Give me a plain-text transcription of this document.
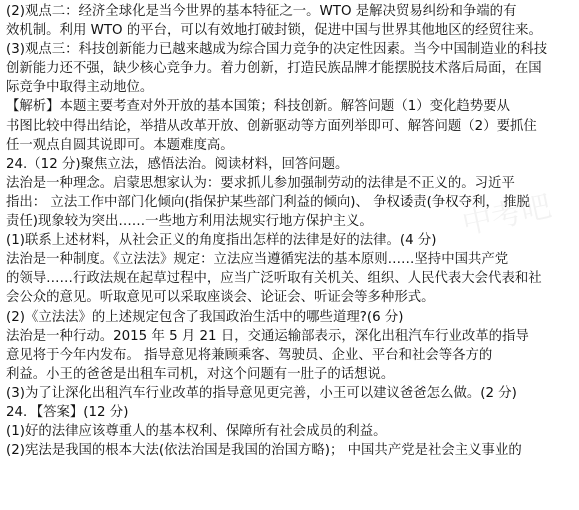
中考吧
(2)观点二：经济全球化是当今世界的基本特征之一。WTO 是解决贸易纠纷和争端的有
效机制。利用 WTO 的平台，可以有效地打破封锁，促进中国与世界其他地区的经贸往来。
(3)观点三：科技创新能力已越来越成为综合国力竞争的决定性因素。当今中国制造业的科技
创新能力还不强，缺少核心竞争力。着力创新，打造民族品牌才能摆脱技术落后局面，在国
际竞争中取得主动地位。
【解析】本题主要考查对外开放的基本国策；科技创新。解答问题（1）变化趋势要从
书图比较中得出结论，举措从改革开放、创新驱动等方面列举即可、解答问题（2）要抓住
任一观点自圆其说即可。本题难度高。
24.（12 分)聚焦立法，感悟法治。阅读材料，回答问题。
法治是一种理念。启蒙思想家认为：要求抓儿参加强制劳动的法律是不正义的。习近平
指出： 立法工作中部门化倾向(指保护某些部门利益的倾向)、 争权诿责(争权夺利， 推脱
责任)现象较为突出……一些地方利用法规实行地方保护主义。
(1)联系上述材料，从社会正义的角度指出怎样的法律是好的法律。(4 分)
法治是一种制度。《立法法》规定：立法应当遵循宪法的基本原则……坚持中国共产党
的领导……行政法规在起草过程中，应当广泛听取有关机关、组织、人民代表大会代表和社
会公众的意见。听取意见可以采取座谈会、论证会、听证会等多种形式。
(2)《立法法》的上述规定包含了我国政治生活中的哪些道理?(6 分)
法治是一种行动。2015 年 5 月 21 日，交通运输部表示，深化出租汽车行业改革的指导
意见将于今年内发布。 指导意见将兼顾乘客、驾驶员、企业、平台和社会等各方的
利益。小王的爸爸是出租车司机，对这个问题有一肚子的话想说。
(3)为了让深化出租汽车行业改革的指导意见更完善，小王可以建议爸爸怎么做。(2 分)
24．【答案】(12 分)
(1)好的法律应该尊重人的基本权利、保障所有社会成员的利益。
(2)宪法是我国的根本大法(依法治国是我国的治国方略)； 中国共产党是社会主义事业的
